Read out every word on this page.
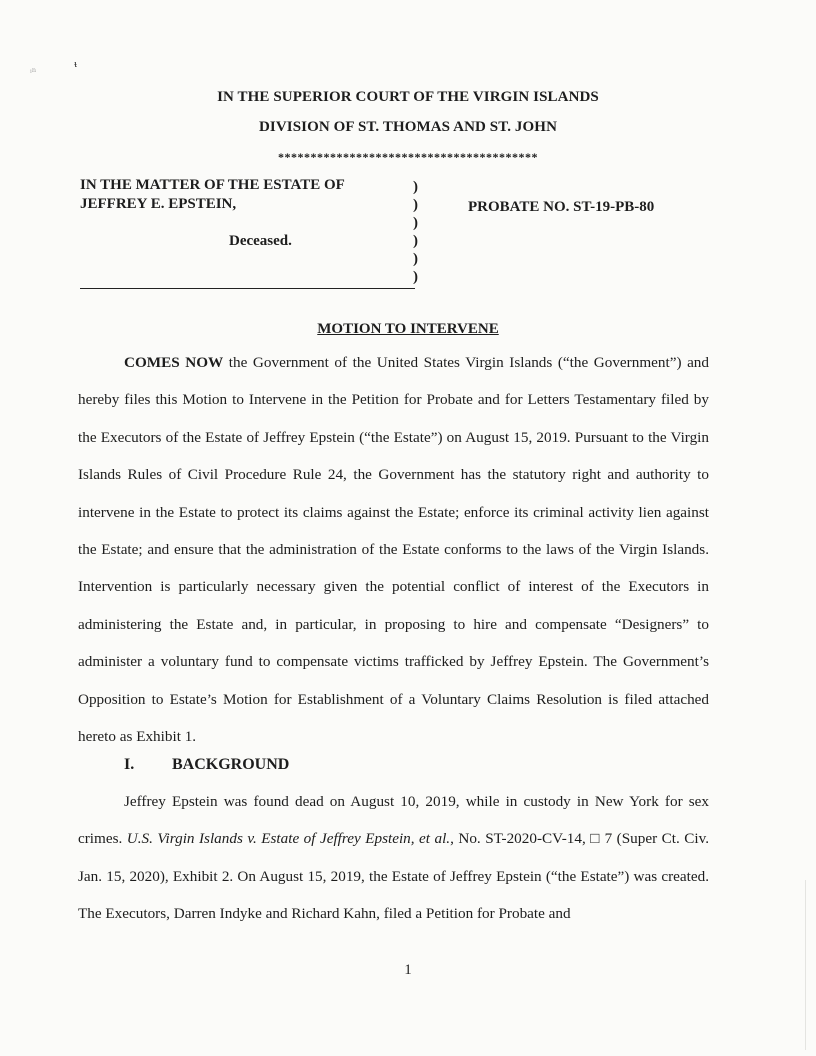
ᵢₙ	ᵼ
IN THE SUPERIOR COURT OF THE VIRGIN ISLANDS
DIVISION OF ST. THOMAS AND ST. JOHN
****************************************
IN THE MATTER OF THE ESTATE OF
JEFFREY E. EPSTEIN,
Deceased.
)
)
)
)
)
)
PROBATE NO. ST-19-PB-80
MOTION TO INTERVENE

COMES NOW the Government of the United States Virgin Islands (“the Government”) and hereby files this Motion to Intervene in the Petition for Probate and for Letters Testamentary filed by the Executors of the Estate of Jeffrey Epstein (“the Estate”) on August 15, 2019. Pursuant to the Virgin Islands Rules of Civil Procedure Rule 24, the Government has the statutory right and authority to intervene in the Estate to protect its claims against the Estate; enforce its criminal activity lien against the Estate; and ensure that the administration of the Estate conforms to the laws of the Virgin Islands. Intervention is particularly necessary given the potential conflict of interest of the Executors in administering the Estate and, in particular, in proposing to hire and compensate “Designers” to administer a voluntary fund to compensate victims trafficked by Jeffrey Epstein. The Government’s Opposition to Estate’s Motion for Establishment of a Voluntary Claims Resolution is filed attached hereto as Exhibit 1.

I. BACKGROUND

Jeffrey Epstein was found dead on August 10, 2019, while in custody in New York for sex crimes. U.S. Virgin Islands v. Estate of Jeffrey Epstein, et al., No. ST-2020-CV-14, □ 7 (Super Ct. Civ. Jan. 15, 2020), Exhibit 2. On August 15, 2019, the Estate of Jeffrey Epstein (“the Estate”) was created. The Executors, Darren Indyke and Richard Kahn, filed a Petition for Probate and

1
